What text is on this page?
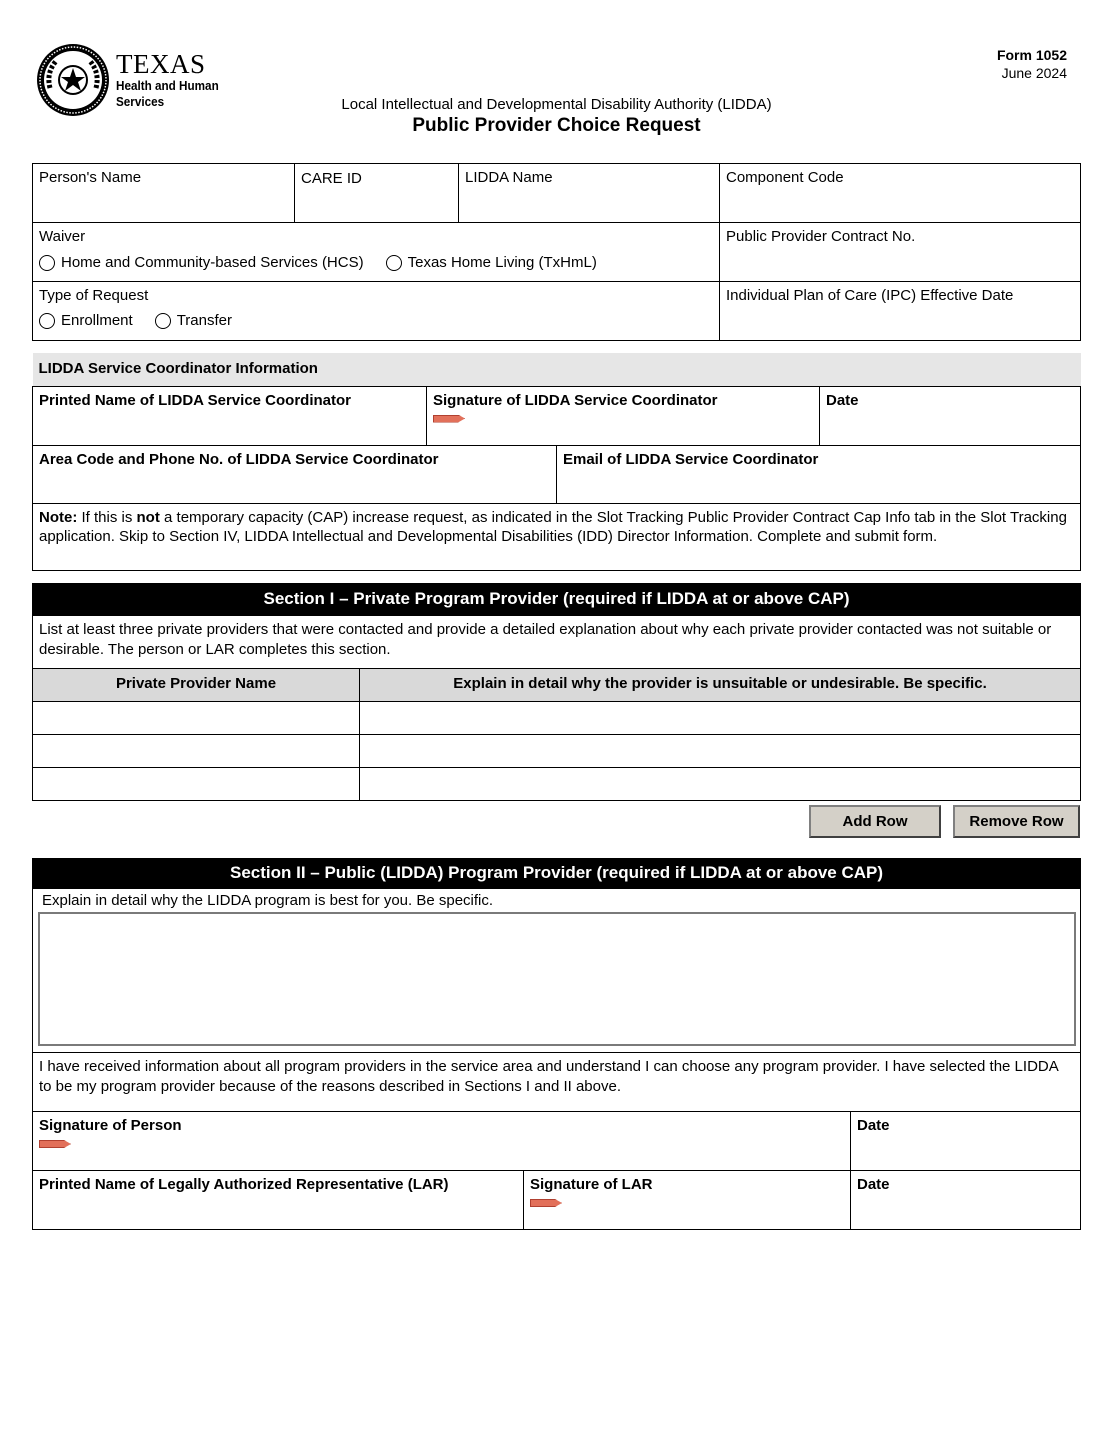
TEXAS
Health and Human
Services
Form 1052
June 2024
Local Intellectual and Developmental Disability Authority (LIDDA)
Public Provider Choice Request
Person's Name	CARE ID	LIDDA Name	Component Code

Waiver
Home and Community-based Services (HCS) Texas Home Living (TxHmL)			Public Provider Contract No.

Type of Request
Enrollment Transfer			Individual Plan of Care (IPC) Effective Date
LIDDA Service Coordinator Information			

Printed Name of LIDDA Service Coordinator	Signature of LIDDA Service Coordinator		Date

Area Code and Phone No. of LIDDA Service Coordinator		Email of LIDDA Service Coordinator	

Note: If this is not a temporary capacity (CAP) increase request, as indicated in the Slot Tracking Public Provider Contract Cap Info tab in the Slot Tracking application. Skip to Section IV, LIDDA Intellectual and Developmental Disabilities (IDD) Director Information. Complete and submit form.			
Section I – Private Program Provider (required if LIDDA at or above CAP)	
List at least three private providers that were contacted and provide a detailed explanation about why each private provider contacted was not suitable or desirable. The person or LAR completes this section.	
Private Provider Name	Explain in detail why the provider is unsuitable or undesirable. Be specific.

Add Row	Remove Row
Section II – Public (LIDDA) Program Provider (required if LIDDA at or above CAP)		

Explain in detail why the LIDDA program is best for you. Be specific.		

I have received information about all program providers in the service area and understand I can choose any program provider. I have selected the LIDDA to be my program provider because of the reasons described in Sections I and II above.		

Signature of Person		Date

Printed Name of Legally Authorized Representative (LAR)	Signature of LAR	Date
